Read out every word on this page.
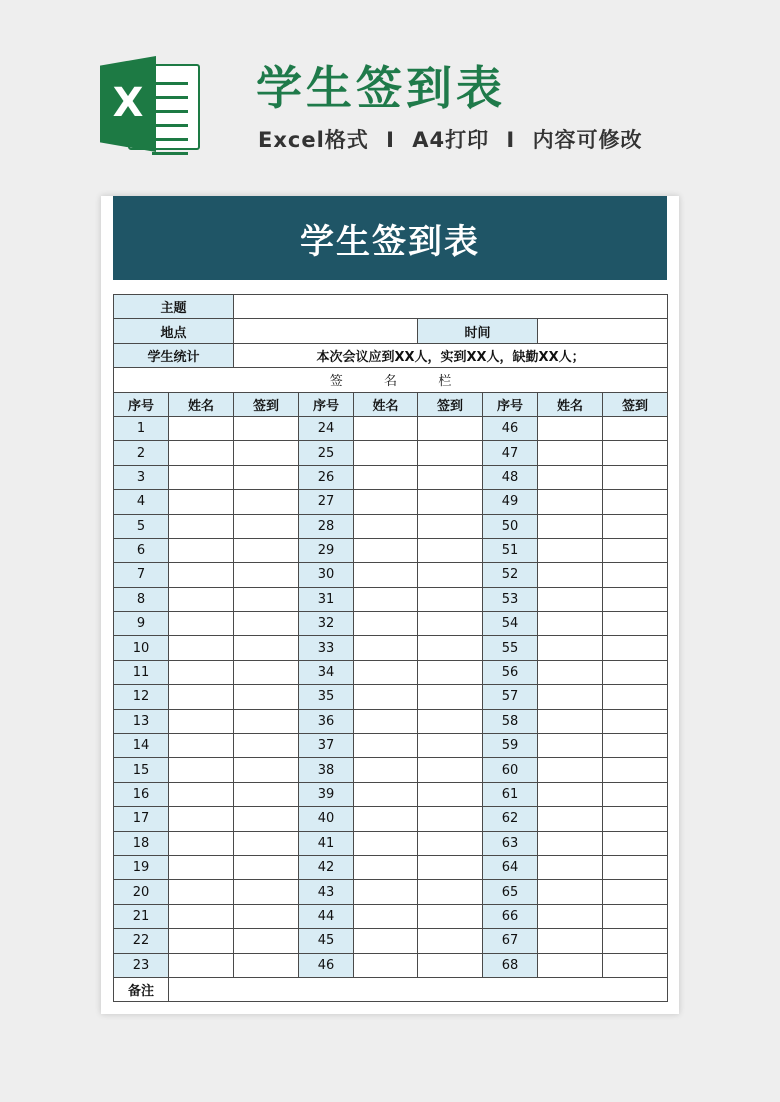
X 学生签到表
Excel格式 I A4打印 I 内容可修改
学生签到表
主题								
地点					时间			
学生统计		本次会议应到XX人，实到XX人，缺勤XX人；						
签          名          栏								
序号	姓名	签到	序号	姓名	签到	序号	姓名	签到
1			24			46		
2			25			47		
3			26			48		
4			27			49		
5			28			50		
6			29			51		
7			30			52		
8			31			53		
9			32			54		
10			33			55		
11			34			56		
12			35			57		
13			36			58		
14			37			59		
15			38			60		
16			39			61		
17			40			62		
18			41			63		
19			42			64		
20			43			65		
21			44			66		
22			45			67		
23			46			68		
备注								
